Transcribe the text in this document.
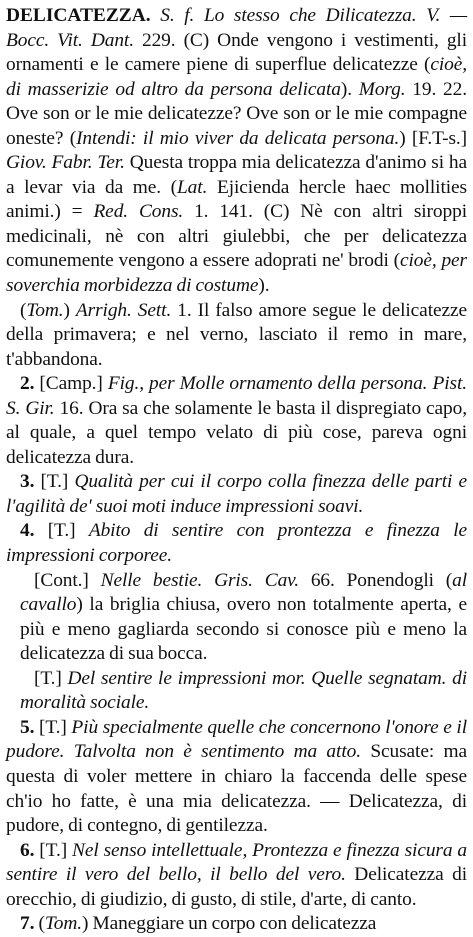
DELICATEZZA. S. f. Lo stesso che Dilicatezza. V. — Bocc. Vit. Dant. 229. (C) Onde vengono i vestimenti, gli ornamenti e le camere piene di superflue delicatezze (cioè, di masserizie od altro da persona delicata). Morg. 19. 22. Ove son or le mie delicatezze? Ove son or le mie compagne oneste? (Intendi: il mio viver da delicata persona.) [F.T-s.] Giov. Fabr. Ter. Questa troppa mia delicatezza d'animo si ha a levar via da me. (Lat. Ejicienda hercle haec mollities animi.) = Red. Cons. 1. 141. (C) Nè con altri siroppi medicinali, nè con altri giulebbi, che per delicatezza comunemente vengono a essere adoprati ne' brodi (cioè, per soverchia morbidezza di costume).

(Tom.) Arrigh. Sett. 1. Il falso amore segue le delicatezze della primavera; e nel verno, lasciato il remo in mare, t'abbandona.

2. [Camp.] Fig., per Molle ornamento della persona. Pist. S. Gir. 16. Ora sa che solamente le basta il dispregiato capo, al quale, a quel tempo velato di più cose, pareva ogni delicatezza dura.

3. [T.] Qualità per cui il corpo colla finezza delle parti e l'agilità de' suoi moti induce impressioni soavi.

4. [T.] Abito di sentire con prontezza e finezza le impressioni corporee.

[Cont.] Nelle bestie. Gris. Cav. 66. Ponendogli (al cavallo) la briglia chiusa, overo non totalmente aperta, e più e meno gagliarda secondo si conosce più e meno la delicatezza di sua bocca.

[T.] Del sentire le impressioni mor. Quelle segnatam. di moralità sociale.

5. [T.] Più specialmente quelle che concernono l'onore e il pudore. Talvolta non è sentimento ma atto. Scusate: ma questa di voler mettere in chiaro la faccenda delle spese ch'io ho fatte, è una mia delicatezza. — Delicatezza, di pudore, di contegno, di gentilezza.

6. [T.] Nel senso intellettuale, Prontezza e finezza sicura a sentire il vero del bello, il bello del vero. Delicatezza di orecchio, di giudizio, di gusto, di stile, d'arte, di canto.

7. (Tom.) Maneggiare un corpo con delicatezza
